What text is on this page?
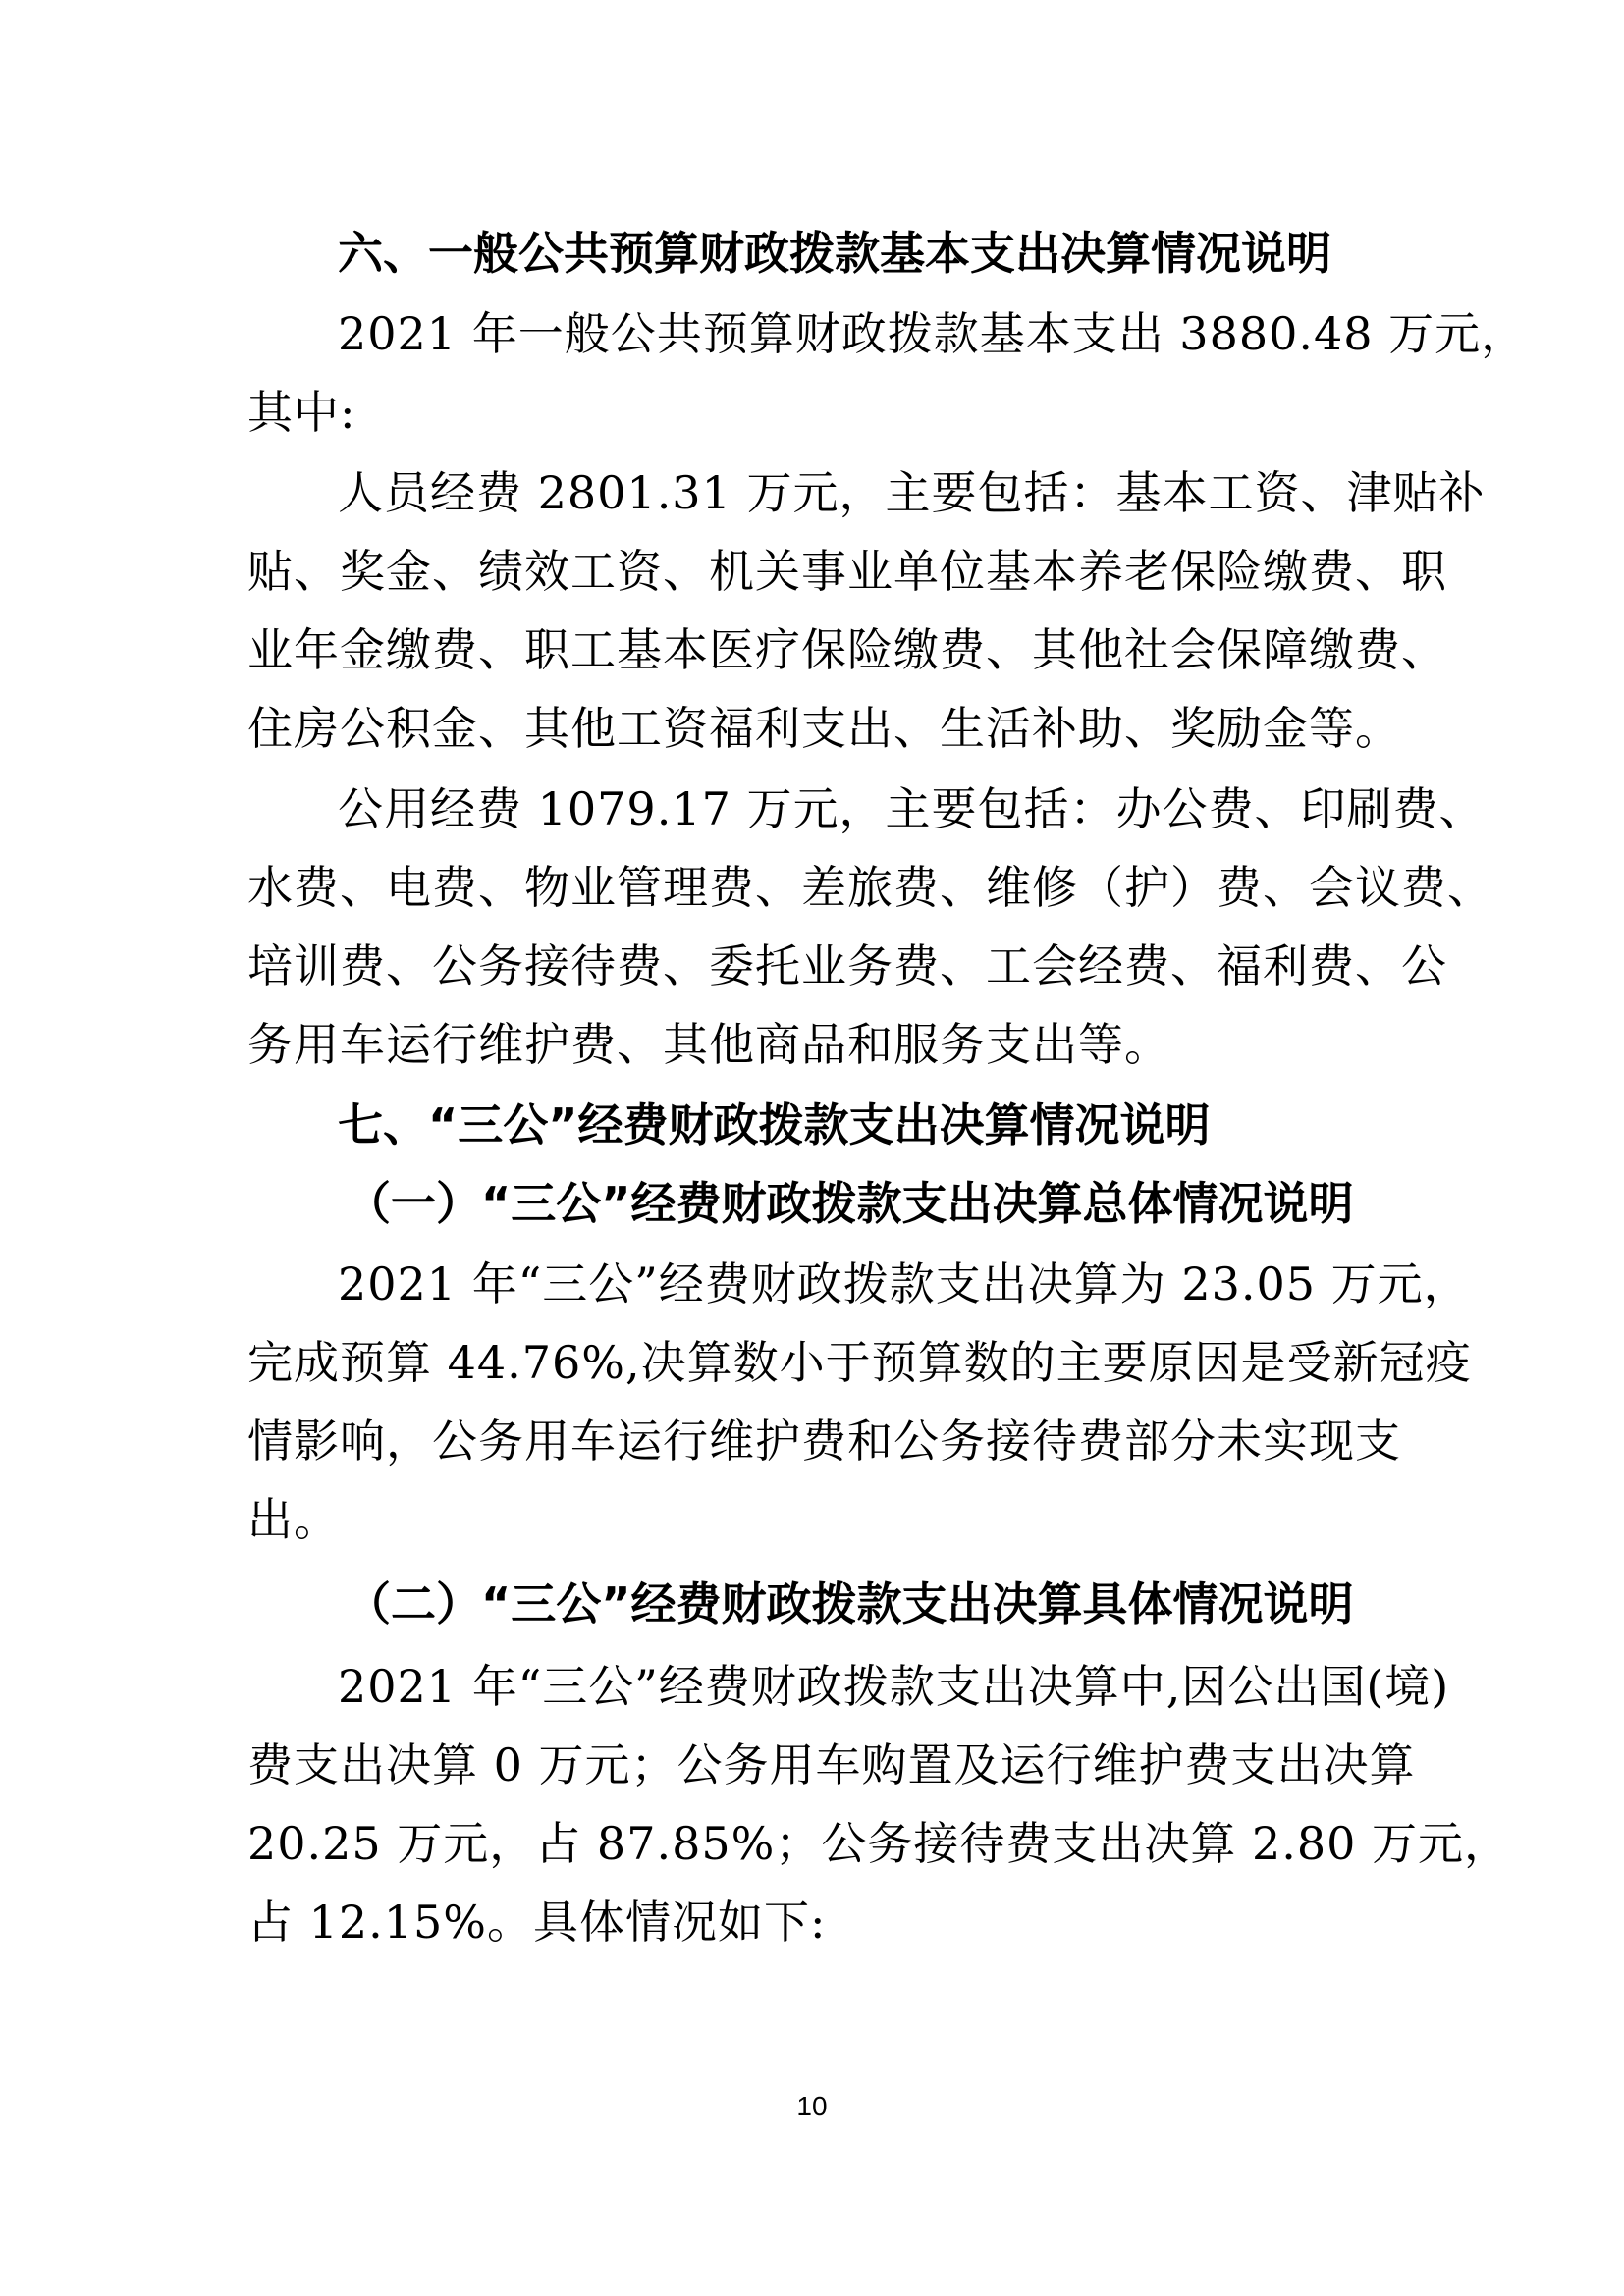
六、一般公共预算财政拨款基本支出决算情况说明
2021 年一般公共预算财政拨款基本支出 3880.48 万元，
其中:
人员经费 2801.31 万元，主要包括：基本工资、津贴补
贴、奖金、绩效工资、机关事业单位基本养老保险缴费、职
业年金缴费、职工基本医疗保险缴费、其他社会保障缴费、
住房公积金、其他工资福利支出、生活补助、奖励金等。
公用经费 1079.17 万元，主要包括：办公费、印刷费、
水费、电费、物业管理费、差旅费、维修（护）费、会议费、
培训费、公务接待费、委托业务费、工会经费、福利费、公
务用车运行维护费、其他商品和服务支出等。
七、“三公”经费财政拨款支出决算情况说明
（一）“三公”经费财政拨款支出决算总体情况说明
2021 年“三公”经费财政拨款支出决算为 23.05 万元，
完成预算 44.76%,决算数小于预算数的主要原因是受新冠疫
情影响，公务用车运行维护费和公务接待费部分未实现支
出。
（二）“三公”经费财政拨款支出决算具体情况说明
2021 年“三公”经费财政拨款支出决算中,因公出国(境)
费支出决算 0 万元；公务用车购置及运行维护费支出决算
20.25 万元，占 87.85%；公务接待费支出决算 2.80 万元，
占 12.15%。具体情况如下:
10
